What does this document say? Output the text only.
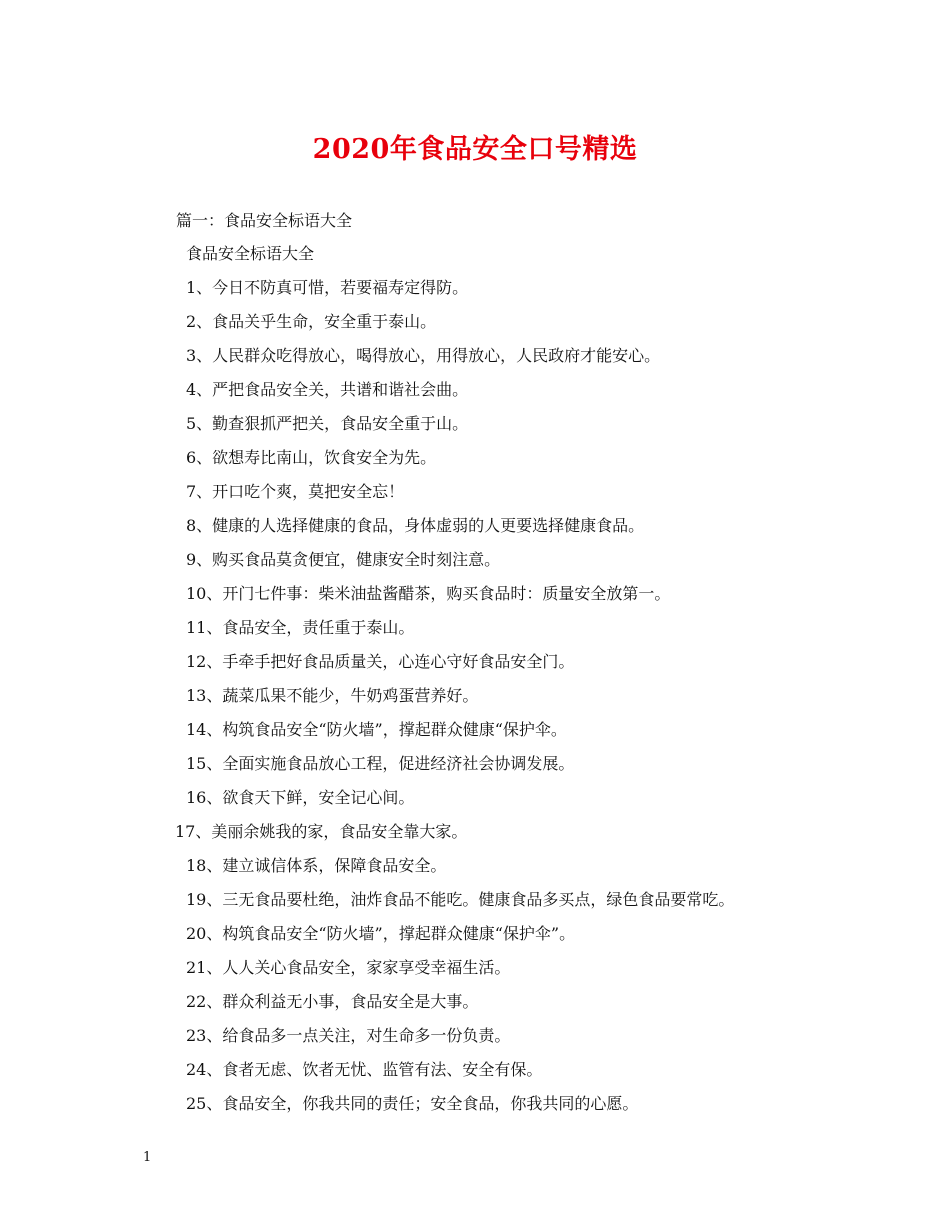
2020年食品安全口号精选
篇一：食品安全标语大全
食品安全标语大全
1、今日不防真可惜，若要福寿定得防。
2、食品关乎生命，安全重于泰山。
3、人民群众吃得放心，喝得放心，用得放心，人民政府才能安心。
4、严把食品安全关，共谱和谐社会曲。
5、勤查狠抓严把关，食品安全重于山。
6、欲想寿比南山，饮食安全为先。
7、开口吃个爽，莫把安全忘！
8、健康的人选择健康的食品，身体虚弱的人更要选择健康食品。
9、购买食品莫贪便宜，健康安全时刻注意。
10、开门七件事：柴米油盐酱醋茶，购买食品时：质量安全放第一。
11、食品安全，责任重于泰山。
12、手牵手把好食品质量关，心连心守好食品安全门。
13、蔬菜瓜果不能少，牛奶鸡蛋营养好。
14、构筑食品安全“防火墙”，撑起群众健康“保护伞。
15、全面实施食品放心工程，促进经济社会协调发展。
16、欲食天下鲜，安全记心间。
17、美丽余姚我的家，食品安全靠大家。
18、建立诚信体系，保障食品安全。
19、三无食品要杜绝，油炸食品不能吃。健康食品多买点，绿色食品要常吃。
20、构筑食品安全“防火墙”，撑起群众健康“保护伞”。
21、人人关心食品安全，家家享受幸福生活。
22、群众利益无小事，食品安全是大事。
23、给食品多一点关注，对生命多一份负责。
24、食者无虑、饮者无忧、监管有法、安全有保。
25、食品安全，你我共同的责任；安全食品，你我共同的心愿。
1
